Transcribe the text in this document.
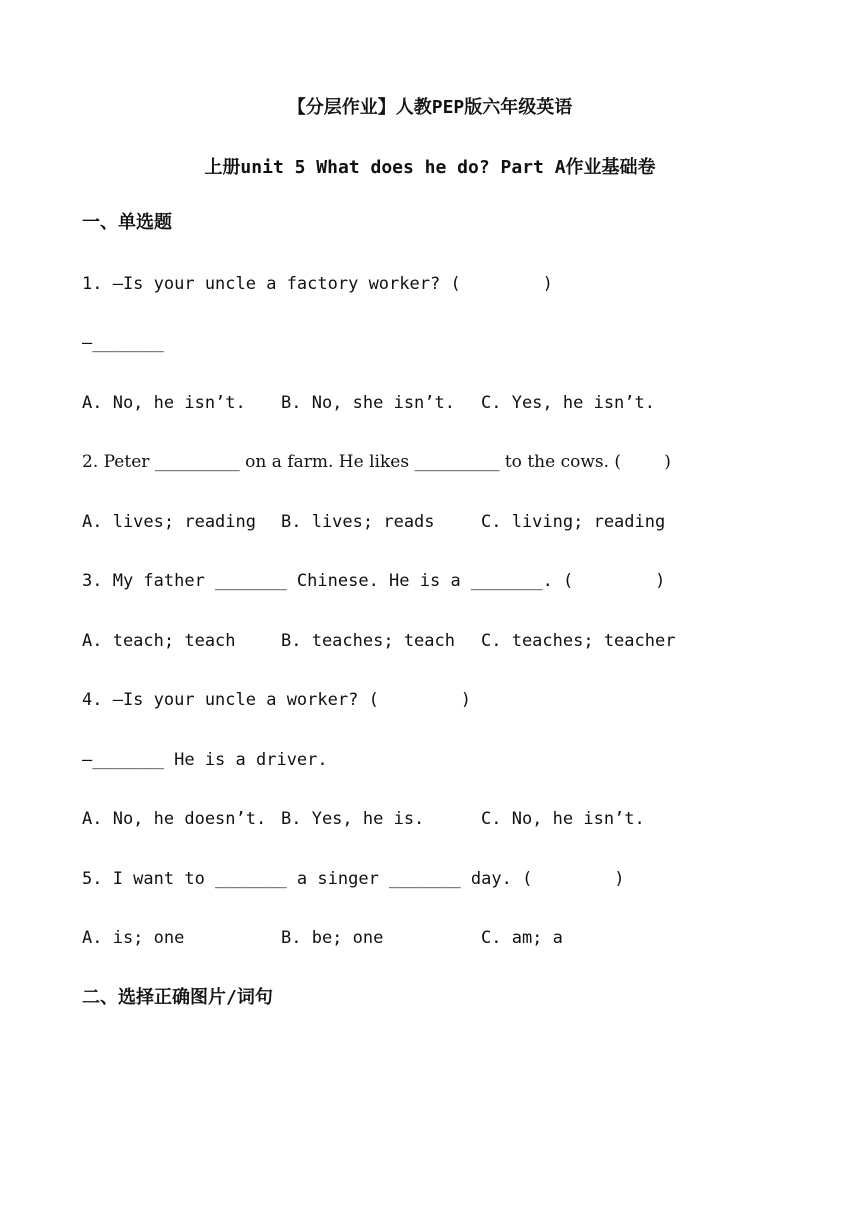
【分层作业】人教PEP版六年级英语
上册unit 5 What does he do? Part A作业基础卷
一、单选题
1. —Is your uncle a factory worker? (        )
—_______
A. No, he isn’t. B. No, she isn’t. C. Yes, he isn’t.
2. Peter __________ on a farm. He likes __________ to the cows. (        )
A. lives; reading B. lives; reads	C. living; reading
3. My father _______ Chinese. He is a _______. (        )
A. teach; teach	B. teaches; teach C. teaches; teacher
4. —Is your uncle a worker? (        )
—_______ He is a driver.
A. No, he doesn’t. B. Yes, he is.	C. No, he isn’t.
5. I want to _______ a singer _______ day. (        )
A. is; one	B. be; one	C. am; a
二、选择正确图片/词句
